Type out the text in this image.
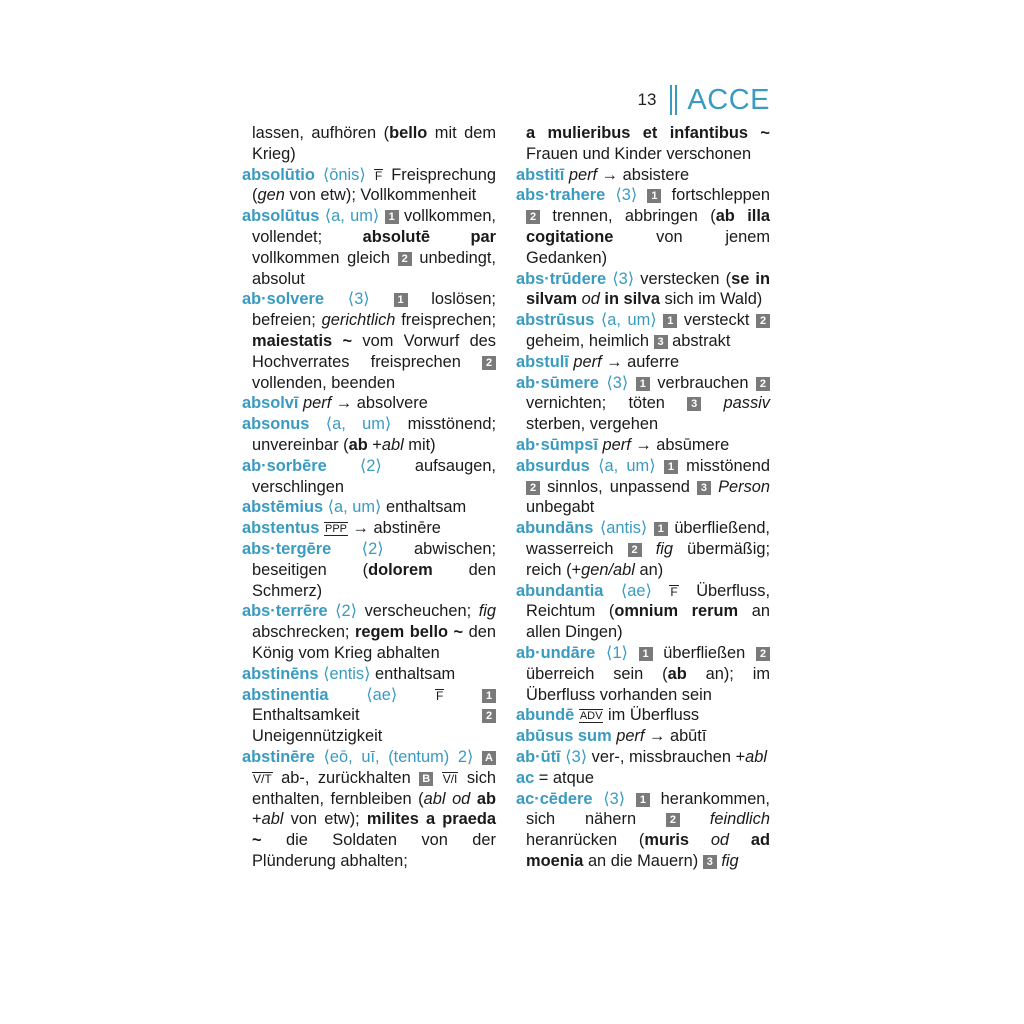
13 ACCE
lassen, aufhören (bello mit dem Krieg)
absolūtio ⟨ōnis⟩ F Freisprechung (gen von etw); Vollkommenheit
absolūtus ⟨a, um⟩ 1 vollkommen, vollendet; absolutē par vollkommen gleich 2 unbedingt, absolut
ab·solvere ⟨3⟩	1 loslösen; befreien; gerichtlich freisprechen; maiestatis ~ vom Vorwurf des Hochverrates freisprechen 2 vollenden, beenden
absolvī perf → absolvere
absonus ⟨a, um⟩ misstönend; unvereinbar (ab +abl mit)
ab·sorbēre ⟨2⟩ aufsaugen, verschlingen
abstēmius ⟨a, um⟩ enthaltsam
abstentus PPP → abstinēre
abs·tergēre ⟨2⟩ abwischen; beseitigen (dolorem den Schmerz)
abs·terrēre ⟨2⟩ verscheuchen; fig abschrecken; regem bello ~ den König vom Krieg abhalten
abstinēns ⟨entis⟩ enthaltsam
abstinentia ⟨ae⟩	F	1 Enthaltsamkeit 2 Uneigennützigkeit
abstinēre ⟨eō, uī, (tentum) 2⟩ A V/T ab-, zurückhalten B V/I sich enthalten, fernbleiben (abl od ab +abl von etw); milites a praeda ~ die Soldaten von der Plünderung abhalten;
a mulieribus et infantibus ~ Frauen und Kinder verschonen
abstitī perf → absistere
abs·trahere ⟨3⟩ 1 fortschleppen 2 trennen, abbringen (ab illa cogitatione von jenem Gedanken)
abs·trūdere ⟨3⟩ verstecken (se in silvam od in silva sich im Wald)
abstrūsus ⟨a, um⟩ 1 versteckt 2 geheim, heimlich 3 abstrakt
abstulī perf → auferre
ab·sūmere ⟨3⟩ 1 verbrauchen 2 vernichten; töten 3 passiv sterben, vergehen
ab·sūmpsī perf → absūmere
absurdus ⟨a, um⟩ 1 misstönend 2 sinnlos, unpassend 3 Person unbegabt
abundāns ⟨antis⟩ 1 überfließend, wasserreich 2 fig übermäßig; reich (+gen/abl an)
abundantia ⟨ae⟩ F Überfluss, Reichtum (omnium rerum an allen Dingen)
ab·undāre ⟨1⟩ 1 überfließen 2 überreich sein (ab an); im Überfluss vorhanden sein
abundē ADV im Überfluss
abūsus sum perf → abūtī
ab·ūtī ⟨3⟩ ver-, missbrauchen +abl
ac = atque
ac·cēdere ⟨3⟩ 1 herankommen, sich nähern 2 feindlich heranrücken (muris od ad moenia an die Mauern) 3 fig
